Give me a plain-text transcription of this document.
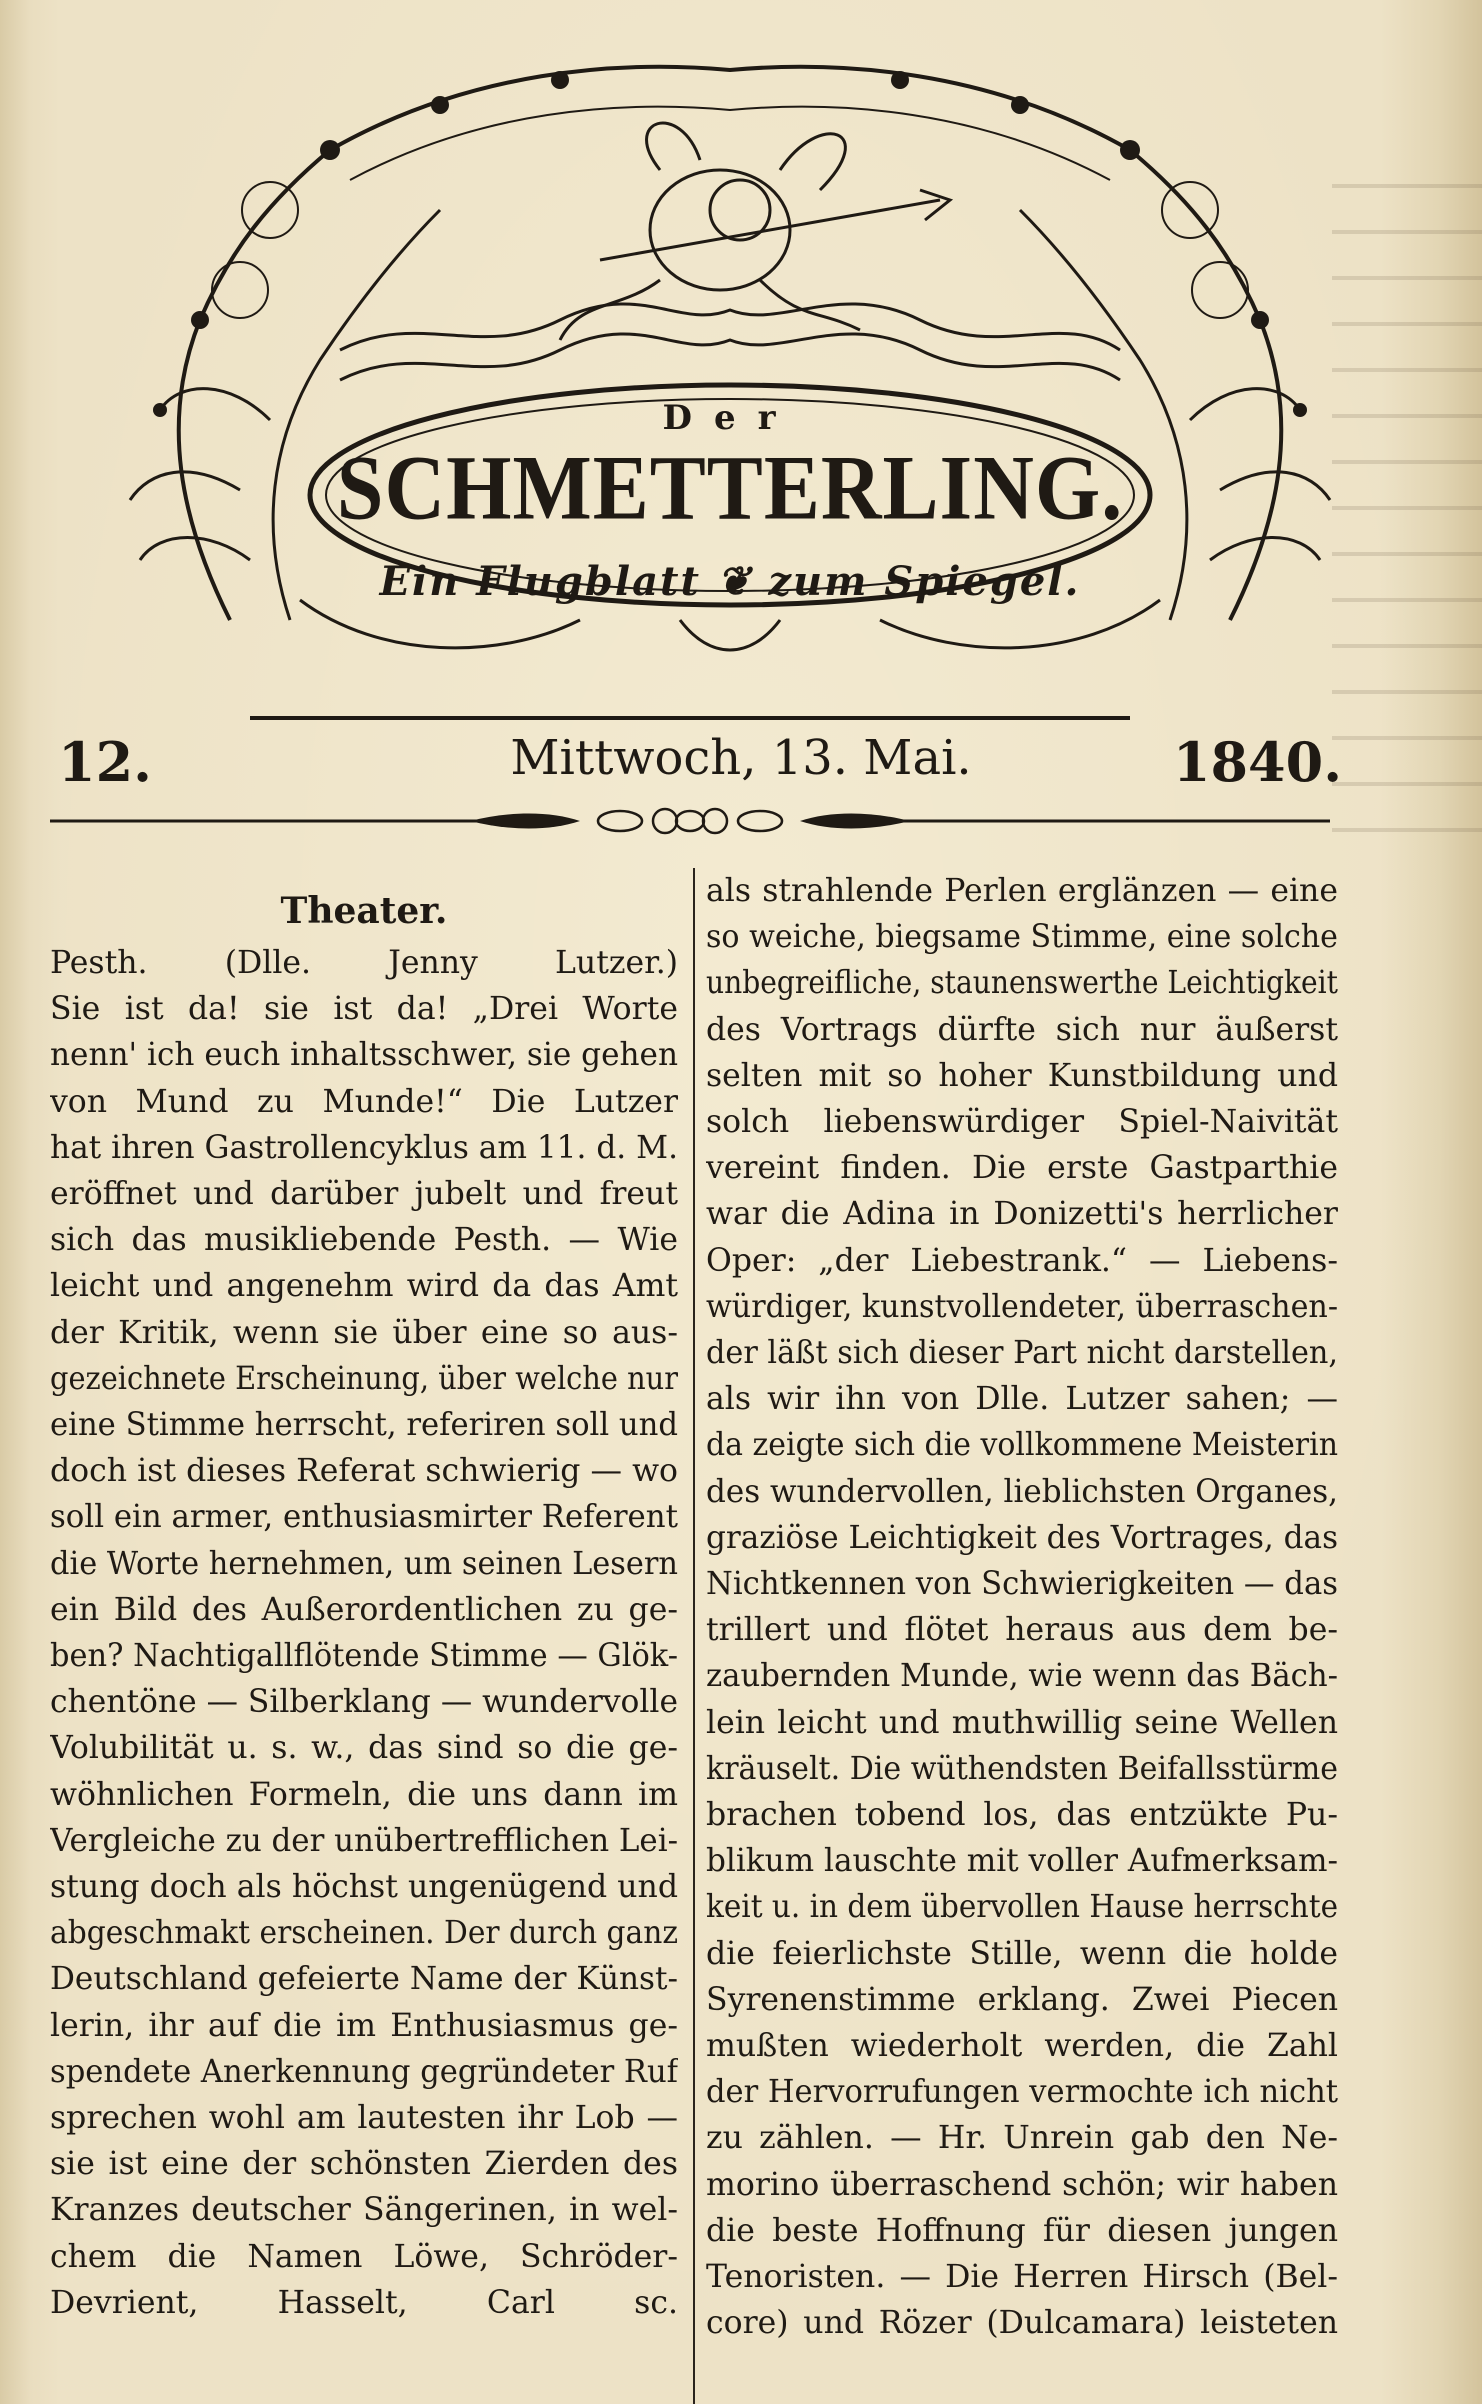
Der
SCHMETTERLING.
Ein Flugblatt ❦ zum Spiegel.
Mittwoch, 13. Mai.
12.	1840.
Theater.
Pesth. (Dlle. Jenny Lutzer.)
Sie ist da! sie ist da! „Drei Worte
nenn' ich euch inhaltsschwer, sie gehen
von Mund zu Munde!“ Die Lutzer
hat ihren Gastrollencyklus am 11. d. M.
eröffnet und darüber jubelt und freut
sich das musikliebende Pesth. — Wie
leicht und angenehm wird da das Amt
der Kritik, wenn sie über eine so aus-
gezeichnete Erscheinung, über welche nur
eine Stimme herrscht, referiren soll und
doch ist dieses Referat schwierig — wo
soll ein armer, enthusiasmirter Referent
die Worte hernehmen, um seinen Lesern
ein Bild des Außerordentlichen zu ge-
ben? Nachtigallflötende Stimme — Glök-
chentöne — Silberklang — wundervolle
Volubilität u. s. w., das sind so die ge-
wöhnlichen Formeln, die uns dann im
Vergleiche zu der unübertrefflichen Lei-
stung doch als höchst ungenügend und
abgeschmakt erscheinen. Der durch ganz
Deutschland gefeierte Name der Künst-
lerin, ihr auf die im Enthusiasmus ge-
spendete Anerkennung gegründeter Ruf
sprechen wohl am lautesten ihr Lob —
sie ist eine der schönsten Zierden des
Kranzes deutscher Sängerinen, in wel-
chem die Namen Löwe, Schröder-
Devrient, Hasselt, Carl sc.
als strahlende Perlen erglänzen — eine
so weiche, biegsame Stimme, eine solche
unbegreifliche, staunenswerthe Leichtigkeit
des Vortrags dürfte sich nur äußerst
selten mit so hoher Kunstbildung und
solch liebenswürdiger Spiel-Naivität
vereint finden. Die erste Gastparthie
war die Adina in Donizetti's herrlicher
Oper: „der Liebestrank.“ — Liebens-
würdiger, kunstvollendeter, überraschen-
der läßt sich dieser Part nicht darstellen,
als wir ihn von Dlle. Lutzer sahen; —
da zeigte sich die vollkommene Meisterin
des wundervollen, lieblichsten Organes,
graziöse Leichtigkeit des Vortrages, das
Nichtkennen von Schwierigkeiten — das
trillert und flötet heraus aus dem be-
zaubernden Munde, wie wenn das Bäch-
lein leicht und muthwillig seine Wellen
kräuselt. Die wüthendsten Beifallsstürme
brachen tobend los, das entzükte Pu-
blikum lauschte mit voller Aufmerksam-
keit u. in dem übervollen Hause herrschte
die feierlichste Stille, wenn die holde
Syrenenstimme erklang. Zwei Piecen
mußten wiederholt werden, die Zahl
der Hervorrufungen vermochte ich nicht
zu zählen. — Hr. Unrein gab den Ne-
morino überraschend schön; wir haben
die beste Hoffnung für diesen jungen
Tenoristen. — Die Herren Hirsch (Bel-
core) und Rözer (Dulcamara) leisteten
